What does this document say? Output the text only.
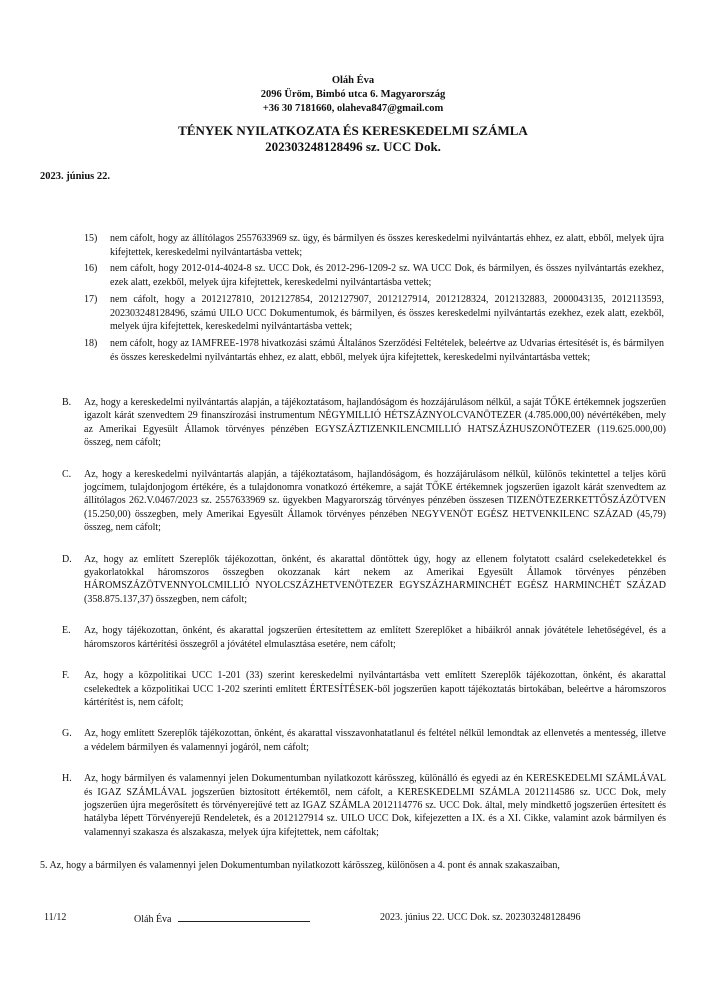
Oláh Éva
2096 Üröm, Bimbó utca 6. Magyarország
+36 30 7181660, olaheva847@gmail.com
TÉNYEK NYILATKOZATA ÉS KERESKEDELMI SZÁMLA
202303248128496 sz. UCC Dok.
2023. június 22.
15)	nem cáfolt, hogy az állítólagos 2557633969 sz. ügy, és bármilyen és összes kereskedelmi nyilvántartás ehhez, ez alatt, ebből, melyek újra kifejtettek, kereskedelmi nyilvántartásba vettek;
16)	nem cáfolt, hogy 2012-014-4024-8 sz. UCC Dok, és 2012-296-1209-2 sz. WA UCC Dok, és bármilyen, és összes nyilvántartás ezekhez, ezek alatt, ezekből, melyek újra kifejtettek, kereskedelmi nyilvántartásba vettek;
17)	nem cáfolt, hogy a 2012127810, 2012127854, 2012127907, 2012127914, 2012128324, 2012132883, 2000043135, 2012113593, 202303248128496, számú UILO UCC Dokumentumok, és bármilyen, és összes kereskedelmi nyilvántartás ezekhez, ezek alatt, ezekből, melyek újra kifejtettek, kereskedelmi nyilvántartásba vettek;
18)	nem cáfolt, hogy az IAMFREE-1978 hivatkozási számú Általános Szerződési Feltételek, beleértve az Udvarias értesítését is, és bármilyen és összes kereskedelmi nyilvántartás ehhez, ez alatt, ebből, melyek újra kifejtettek, kereskedelmi nyilvántartásba vettek;
B.	Az, hogy a kereskedelmi nyilvántartás alapján, a tájékoztatásom, hajlandóságom és hozzájárulásom nélkül, a saját TŐKE értékemnek jogszerűen igazolt kárát szenvedtem 29 finanszírozási instrumentum NÉGYMILLIÓ HÉTSZÁZNYOLCVANÖTEZER (4.785.000,00) névértékében, mely az Amerikai Egyesült Államok törvényes pénzében EGYSZÁZTIZENKILENCMILLIÓ HATSZÁZHUSZONÖTEZER (119.625.000,00) összeg, nem cáfolt;
C.	Az, hogy a kereskedelmi nyilvántartás alapján, a tájékoztatásom, hajlandóságom, és hozzájárulásom nélkül, különös tekintettel a teljes körű jogcímem, tulajdonjogom értékére, és a tulajdonomra vonatkozó értékemre, a saját TŐKE értékemnek jogszerűen igazolt kárát szenvedtem az állítólagos 262.V.0467/2023 sz. 2557633969 sz. ügyekben Magyarország törvényes pénzében összesen TIZENÖTEZERKETTŐSZÁZÖTVEN (15.250,00) összegben, mely Amerikai Egyesült Államok törvényes pénzében NEGYVENÖT EGÉSZ HETVENKILENC SZÁZAD (45,79) összeg, nem cáfolt;
D.	Az, hogy az említett Szereplők tájékozottan, önként, és akarattal döntöttek úgy, hogy az ellenem folytatott csalárd cselekedetekkel és gyakorlatokkal háromszoros összegben okozzanak kárt nekem az Amerikai Egyesült Államok törvényes pénzében HÁROMSZÁZÖTVENNYOLCMILLIÓ NYOLCSZÁZHETVENÖTEZER EGYSZÁZHARMINCHÉT EGÉSZ HARMINCHÉT SZÁZAD (358.875.137,37) összegben, nem cáfolt;
E.	Az, hogy tájékozottan, önként, és akarattal jogszerűen értesítettem az említett Szereplőket a hibáikról annak jóvátétele lehetőségével, és a háromszoros kártérítési összegről a jóvátétel elmulasztása esetére, nem cáfolt;
F.	Az, hogy a közpolitikai UCC 1-201 (33) szerint kereskedelmi nyilvántartásba vett említett Szereplők tájékozottan, önként, és akarattal cselekedtek a közpolitikai UCC 1-202 szerinti említett ÉRTESÍTÉSEK-ből jogszerűen kapott tájékoztatás birtokában, beleértve a háromszoros kártérítést is, nem cáfolt;
G.	Az, hogy említett Szereplők tájékozottan, önként, és akarattal visszavonhatatlanul és feltétel nélkül lemondtak az ellenvetés a mentesség, illetve a védelem bármilyen és valamennyi jogáról, nem cáfolt;
H.	Az, hogy bármilyen és valamennyi jelen Dokumentumban nyilatkozott kárösszeg, különálló és egyedi az én KERESKEDELMI SZÁMLÁVAL és IGAZ SZÁMLÁVAL jogszerűen biztosított értékemtől, nem cáfolt, a KERESKEDELMI SZÁMLA 2012114586 sz. UCC Dok, mely jogszerűen újra megerősített és törvényerejűvé tett az IGAZ SZÁMLA 2012114776 sz. UCC Dok. által, mely mindkettő jogszerűen értesített és hatályba lépett Törvényerejű Rendeletek, és a 2012127914 sz. UILO UCC Dok, kifejezetten a IX. és a XI. Cikke, valamint azok bármilyen és valamennyi szakasza és alszakasza, melyek újra kifejtettek, nem cáfoltak;
5. Az, hogy a bármilyen és valamennyi jelen Dokumentumban nyilatkozott kárösszeg, különösen a 4. pont és annak szakaszaiban,
11/12	Oláh Éva	2023. június 22. UCC Dok. sz. 202303248128496
